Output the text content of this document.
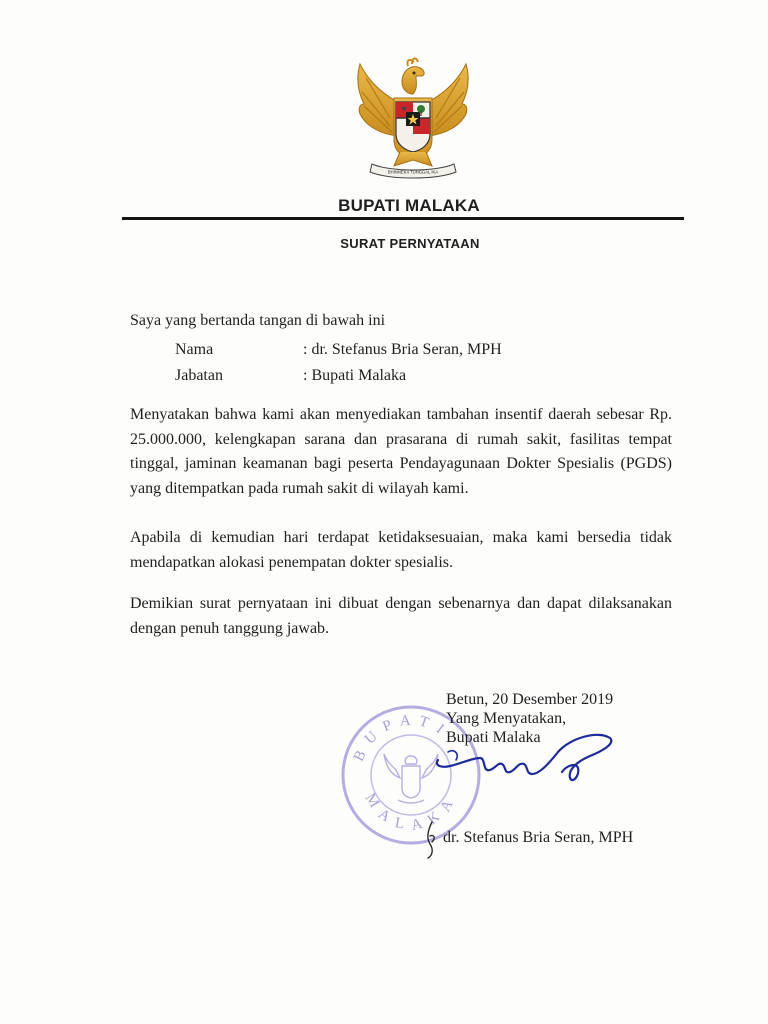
BHINNEKA TUNGGAL IKA
BUPATI MALAKA
SURAT PERNYATAAN
Saya yang bertanda tangan di bawah ini
Nama	: dr. Stefanus Bria Seran, MPH
Jabatan	: Bupati Malaka
Menyatakan bahwa kami akan menyediakan tambahan insentif daerah sebesar Rp. 25.000.000, kelengkapan sarana dan prasarana di rumah sakit, fasilitas tempat tinggal, jaminan keamanan bagi peserta Pendayagunaan Dokter Spesialis (PGDS) yang ditempatkan pada rumah sakit di wilayah kami.
Apabila di kemudian hari terdapat ketidaksesuaian, maka kami bersedia tidak mendapatkan alokasi penempatan dokter spesialis.
Demikian surat pernyataan ini dibuat dengan sebenarnya dan dapat dilaksanakan dengan penuh tanggung jawab.
BUPATI
MALAKA
Betun, 20 Desember 2019
Yang Menyatakan,
Bupati Malaka
dr. Stefanus Bria Seran, MPH
